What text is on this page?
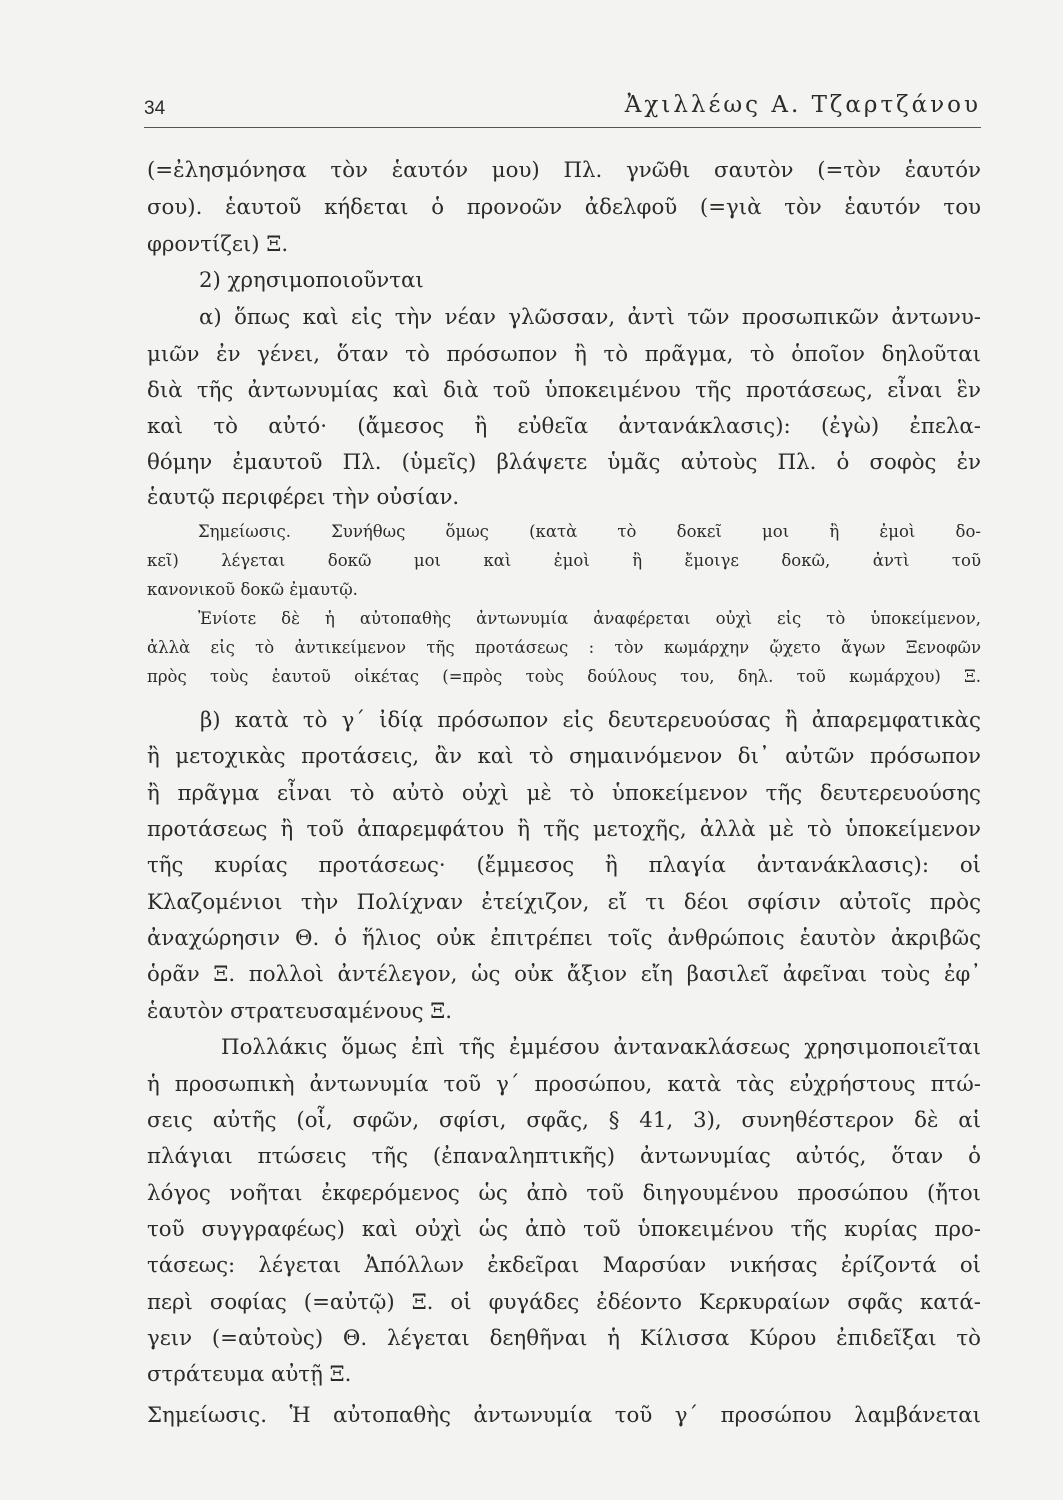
34	Ἀχιλλέως Α. Τζαρτζάνου
(=ἐλησμόνησα τὸν ἑαυτόν μου) Πλ. γνῶθι σαυτὸν (=τὸν ἑαυτόν
σου). ἑαυτοῦ κήδεται ὁ προνοῶν ἀδελφοῦ (=γιὰ τὸν ἑαυτόν του
φροντίζει) Ξ.
2) χρησιμοποιοῦνται
α) ὅπως καὶ εἰς τὴν νέαν γλῶσσαν, ἀντὶ τῶν προσωπικῶν ἀντωνυ-
μιῶν ἐν γένει, ὅταν τὸ πρόσωπον ἢ τὸ πρᾶγμα, τὸ ὁποῖον δηλοῦται
διὰ τῆς ἀντωνυμίας καὶ διὰ τοῦ ὑποκειμένου τῆς προτάσεως, εἶναι ἓν
καὶ τὸ αὐτό· (ἄμεσος ἢ εὐθεῖα ἀντανάκλασις): (ἐγὼ) ἐπελα-
θόμην ἐμαυτοῦ Πλ. (ὑμεῖς) βλάψετε ὑμᾶς αὐτοὺς Πλ. ὁ σοφὸς ἐν
ἑαυτῷ περιφέρει τὴν οὐσίαν.
Σημείωσις. Συνήθως ὅμως (κατὰ τὸ δοκεῖ μοι ἢ ἐμοὶ δο-
κεῖ) λέγεται δοκῶ μοι καὶ ἐμοὶ ἢ ἔμοιγε δοκῶ, ἀντὶ τοῦ
κανονικοῦ δοκῶ ἐμαυτῷ.
Ἐνίοτε δὲ ἡ αὐτοπαθὴς ἀντωνυμία ἀναφέρεται οὐχὶ εἰς τὸ ὑποκείμενον,
ἀλλὰ εἰς τὸ ἀντικείμενον τῆς προτάσεως : τὸν κωμάρχην ᾤχετο ἄγων Ξενοφῶν
πρὸς τοὺς ἑαυτοῦ οἰκέτας (=πρὸς τοὺς δούλους του, δηλ. τοῦ κωμάρχου) Ξ.
β) κατὰ τὸ γ΄ ἰδίᾳ πρόσωπον εἰς δευτερευούσας ἢ ἀπαρεμφατικὰς
ἢ μετοχικὰς προτάσεις, ἂν καὶ τὸ σημαινόμενον δι᾽ αὐτῶν πρόσωπον
ἢ πρᾶγμα εἶναι τὸ αὐτὸ οὐχὶ μὲ τὸ ὑποκείμενον τῆς δευτερευούσης
προτάσεως ἢ τοῦ ἀπαρεμφάτου ἢ τῆς μετοχῆς, ἀλλὰ μὲ τὸ ὑποκείμενον
τῆς κυρίας προτάσεως· (ἔμμεσος ἢ πλαγία ἀντανάκλασις): οἱ
Κλαζομένιοι τὴν Πολίχναν ἐτείχιζον, εἴ τι δέοι σφίσιν αὐτοῖς πρὸς
ἀναχώρησιν Θ. ὁ ἥλιος οὐκ ἐπιτρέπει τοῖς ἀνθρώποις ἑαυτὸν ἀκριβῶς
ὁρᾶν Ξ. πολλοὶ ἀντέλεγον, ὡς οὐκ ἄξιον εἴη βασιλεῖ ἀφεῖναι τοὺς ἐφ᾽
ἑαυτὸν στρατευσαμένους Ξ.
Πολλάκις ὅμως ἐπὶ τῆς ἐμμέσου ἀντανακλάσεως χρησιμοποιεῖται
ἡ προσωπικὴ ἀντωνυμία τοῦ γ΄ προσώπου, κατὰ τὰς εὐχρήστους πτώ-
σεις αὐτῆς (οἷ, σφῶν, σφίσι, σφᾶς, § 41, 3), συνηθέστερον δὲ αἱ
πλάγιαι πτώσεις τῆς (ἐπαναληπτικῆς) ἀντωνυμίας αὐτός, ὅταν ὁ
λόγος νοῆται ἐκφερόμενος ὡς ἀπὸ τοῦ διηγουμένου προσώπου (ἤτοι
τοῦ συγγραφέως) καὶ οὐχὶ ὡς ἀπὸ τοῦ ὑποκειμένου τῆς κυρίας προ-
τάσεως: λέγεται Ἀπόλλων ἐκδεῖραι Μαρσύαν νικήσας ἐρίζοντά οἱ
περὶ σοφίας (=αὐτῷ) Ξ. οἱ φυγάδες ἐδέοντο Κερκυραίων σφᾶς κατά-
γειν (=αὐτοὺς) Θ. λέγεται δεηθῆναι ἡ Κίλισσα Κύρου ἐπιδεῖξαι τὸ
στράτευμα αὐτῇ Ξ.
Σημείωσις. Ἡ αὐτοπαθὴς ἀντωνυμία τοῦ γ΄ προσώπου λαμβάνεται
